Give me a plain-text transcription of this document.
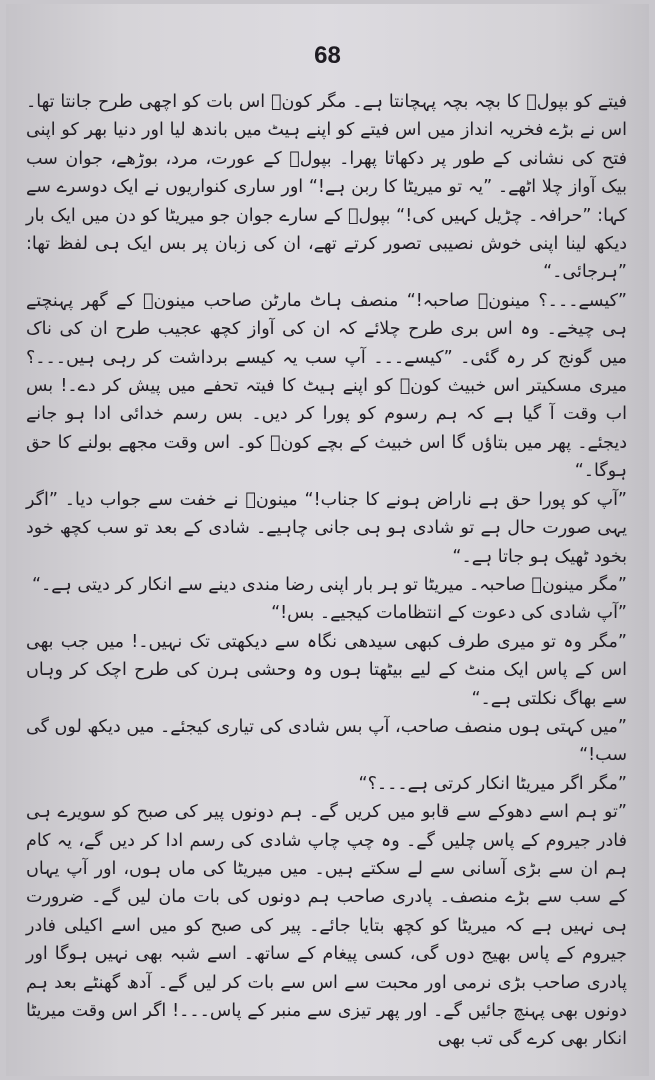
68

فیتے کو بپولؔ کا بچہ بچہ پہچانتا ہے۔ مگر کونؔ اس بات کو اچھی طرح جانتا تھا۔ اس نے بڑے فخریہ انداز میں اس فیتے کو اپنے ہیٹ میں باندھ لیا اور دنیا بھر کو اپنی فتح کی نشانی کے طور پر دکھاتا پھرا۔ بپولؔ کے عورت، مرد، بوڑھے، جوان سب بیک آواز چلا اٹھے۔ ”یہ تو میریٹا کا ربن ہے!“ اور ساری کنواریوں نے ایک دوسرے سے کہا: ”حرافہ۔ چڑیل کہیں کی!“ بپولؔ کے سارے جوان جو میریٹا کو دن میں ایک بار دیکھ لینا اپنی خوش نصیبی تصور کرتے تھے، ان کی زبان پر بس ایک ہی لفظ تھا: ”ہرجائی۔“

”کیسے۔۔۔؟ مینونؔ صاحبہ!“ منصف ہاٹ مارٹن صاحب مینونؔ کے گھر پہنچتے ہی چیخے۔ وہ اس بری طرح چلائے کہ ان کی آواز کچھ عجیب طرح ان کی ناک میں گونج کر رہ گئی۔ ”کیسے۔۔۔ آپ سب یہ کیسے برداشت کر رہی ہیں۔۔۔؟ میری مسکیتر اس خبیث کونؔ کو اپنے ہیٹ کا فیتہ تحفے میں پیش کر دے۔! بس اب وقت آ گیا ہے کہ ہم رسوم کو پورا کر دیں۔ بس رسم خدائی ادا ہو جانے دیجئے۔ پھر میں بتاؤں گا اس خبیث کے بچے کونؔ کو۔ اس وقت مجھے بولنے کا حق ہوگا۔“

”آپ کو پورا حق ہے ناراض ہونے کا جناب!“ مینونؔ نے خفت سے جواب دیا۔ ”اگر یہی صورت حال ہے تو شادی ہو ہی جانی چاہیے۔ شادی کے بعد تو سب کچھ خود بخود ٹھیک ہو جاتا ہے۔“

”مگر مینونؔ صاحبہ۔ میریٹا تو ہر بار اپنی رضا مندی دینے سے انکار کر دیتی ہے۔“

”آپ شادی کی دعوت کے انتظامات کیجیے۔ بس!“

”مگر وہ تو میری طرف کبھی سیدھی نگاہ سے دیکھتی تک نہیں۔! میں جب بھی اس کے پاس ایک منٹ کے لیے بیٹھتا ہوں وہ وحشی ہرن کی طرح اچک کر وہاں سے بھاگ نکلتی ہے۔“

”میں کہتی ہوں منصف صاحب، آپ بس شادی کی تیاری کیجئے۔ میں دیکھ لوں گی سب!“

”مگر اگر میریٹا انکار کرتی ہے۔۔۔؟“

”تو ہم اسے دھوکے سے قابو میں کریں گے۔ ہم دونوں پیر کی صبح کو سویرے ہی فادر جیروم کے پاس چلیں گے۔ وہ چپ چاپ شادی کی رسم ادا کر دیں گے، یہ کام ہم ان سے بڑی آسانی سے لے سکتے ہیں۔ میں میریٹا کی ماں ہوں، اور آپ یہاں کے سب سے بڑے منصف۔ پادری صاحب ہم دونوں کی بات مان لیں گے۔ ضرورت ہی نہیں ہے کہ میریٹا کو کچھ بتایا جائے۔ پیر کی صبح کو میں اسے اکیلی فادر جیروم کے پاس بھیج دوں گی، کسی پیغام کے ساتھ۔ اسے شبہ بھی نہیں ہوگا اور پادری صاحب بڑی نرمی اور محبت سے اس سے بات کر لیں گے۔ آدھ گھنٹے بعد ہم دونوں بھی پہنچ جائیں گے۔ اور پھر تیزی سے منبر کے پاس۔۔۔! اگر اس وقت میریٹا انکار بھی کرے گی تب بھی
